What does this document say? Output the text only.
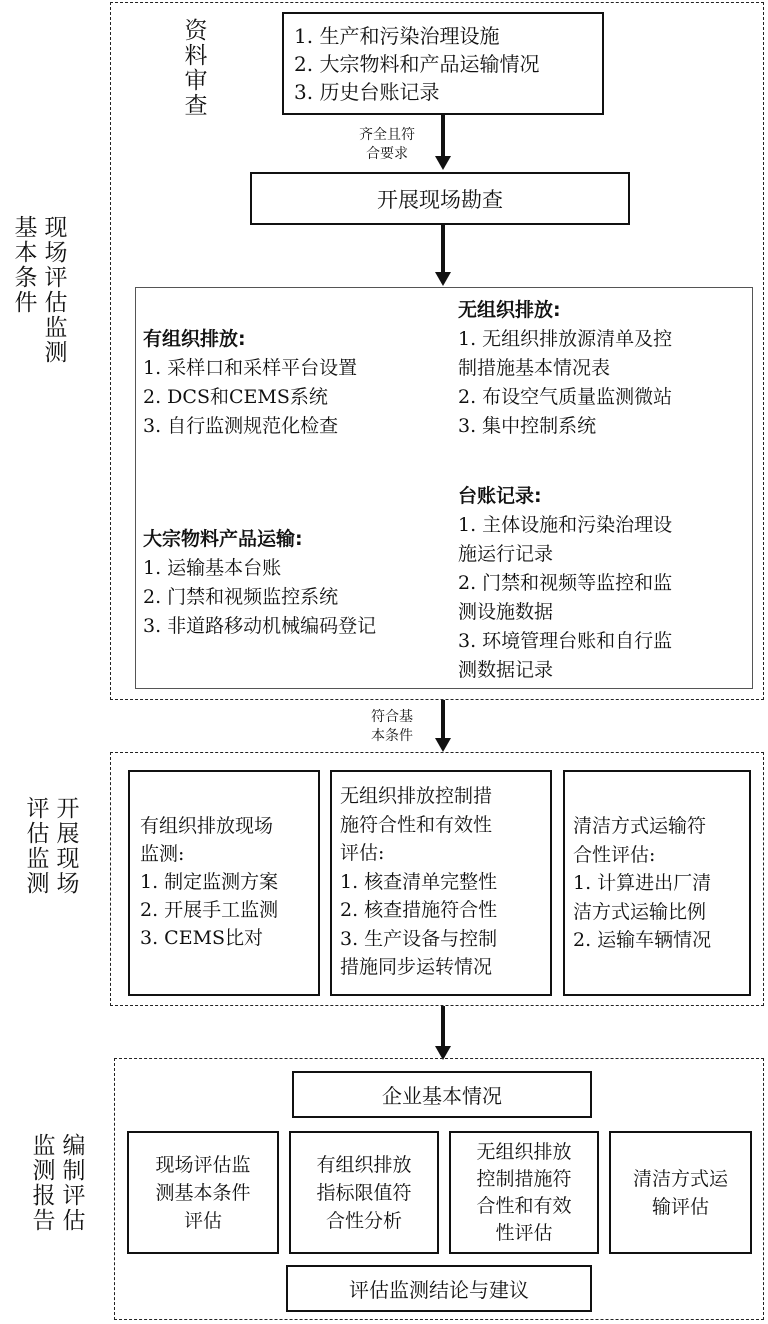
现场评估监测
基本条件
资料审查	1. 生产和污染治理设施
2. 大宗物料和产品运输情况
3. 历史台账记录
齐全且符
合要求
开展现场勘查
有组织排放:
1. 采样口和采样平台设置
2. DCS和CEMS系统
3. 自行监测规范化检查
大宗物料产品运输:
1. 运输基本台账
2. 门禁和视频监控系统
3. 非道路移动机械编码登记
无组织排放:
1. 无组织排放源清单及控
制措施基本情况表
2. 布设空气质量监测微站
3. 集中控制系统
台账记录:
1. 主体设施和污染治理设
施运行记录
2. 门禁和视频等监控和监
测设施数据
3. 环境管理台账和自行监
测数据记录
符合基
本条件
开展现场
评估监测	有组织排放现场
监测:
1. 制定监测方案
2. 开展手工监测
3. CEMS比对
无组织排放控制措
施符合性和有效性
评估:
1. 核查清单完整性
2. 核查措施符合性
3. 生产设备与控制
措施同步运转情况
清洁方式运输符
合性评估:
1. 计算进出厂清
洁方式运输比例
2. 运输车辆情况
编制评估
监测报告
企业基本情况
现场评估监
测基本条件
评估
有组织排放
指标限值符
合性分析
无组织排放
控制措施符
合性和有效
性评估
清洁方式运
输评估
评估监测结论与建议
